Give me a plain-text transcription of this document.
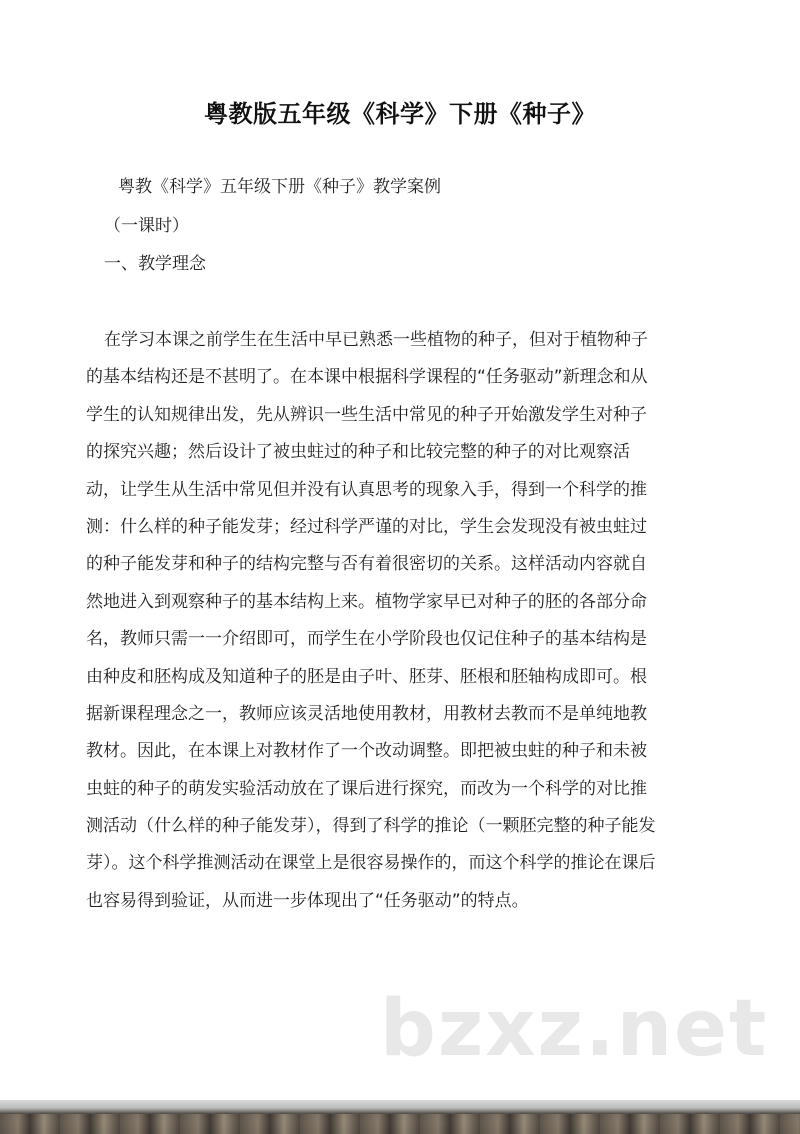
粤教版五年级《科学》下册《种子》
粤教《科学》五年级下册《种子》教学案例
（一课时）
一、教学理念
在学习本课之前学生在生活中早已熟悉一些植物的种子，但对于植物种子
的基本结构还是不甚明了。在本课中根据科学课程的“任务驱动”新理念和从
学生的认知规律出发，先从辨识一些生活中常见的种子开始激发学生对种子
的探究兴趣；然后设计了被虫蛀过的种子和比较完整的种子的对比观察活
动，让学生从生活中常见但并没有认真思考的现象入手，得到一个科学的推
测：什么样的种子能发芽；经过科学严谨的对比，学生会发现没有被虫蛀过
的种子能发芽和种子的结构完整与否有着很密切的关系。这样活动内容就自
然地进入到观察种子的基本结构上来。植物学家早已对种子的胚的各部分命
名，教师只需一一介绍即可，而学生在小学阶段也仅记住种子的基本结构是
由种皮和胚构成及知道种子的胚是由子叶、胚芽、胚根和胚轴构成即可。根
据新课程理念之一，教师应该灵活地使用教材，用教材去教而不是单纯地教
教材。因此，在本课上对教材作了一个改动调整。即把被虫蛀的种子和未被
虫蛀的种子的萌发实验活动放在了课后进行探究，而改为一个科学的对比推
测活动（什么样的种子能发芽），得到了科学的推论（一颗胚完整的种子能发
芽）。这个科学推测活动在课堂上是很容易操作的，而这个科学的推论在课后
也容易得到验证，从而进一步体现出了“任务驱动”的特点。
bzxz.net
